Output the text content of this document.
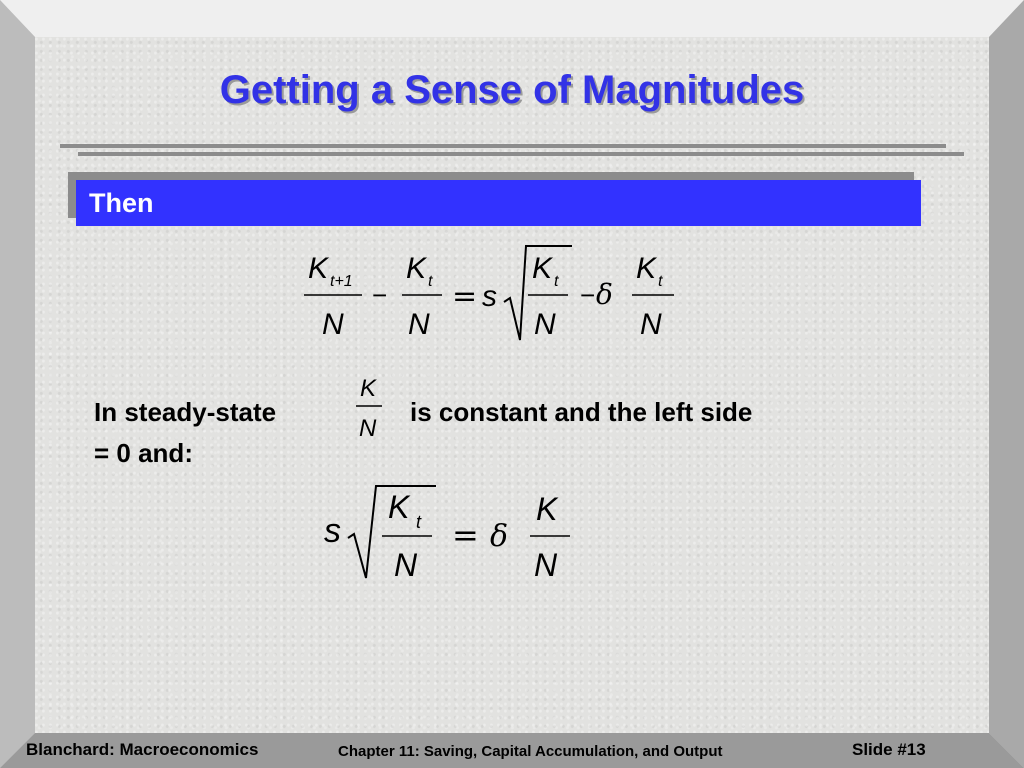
Getting a Sense of Magnitudes
Then
K t+1
N
−
K t
N
= s
K t
N
− δ
K t
N
In steady-state
K
N
is constant and the left side
= 0 and:
s
K t
N
= δ
K
N
Blanchard: Macroeconomics	Chapter 11: Saving, Capital Accumulation, and Output	Slide #13
